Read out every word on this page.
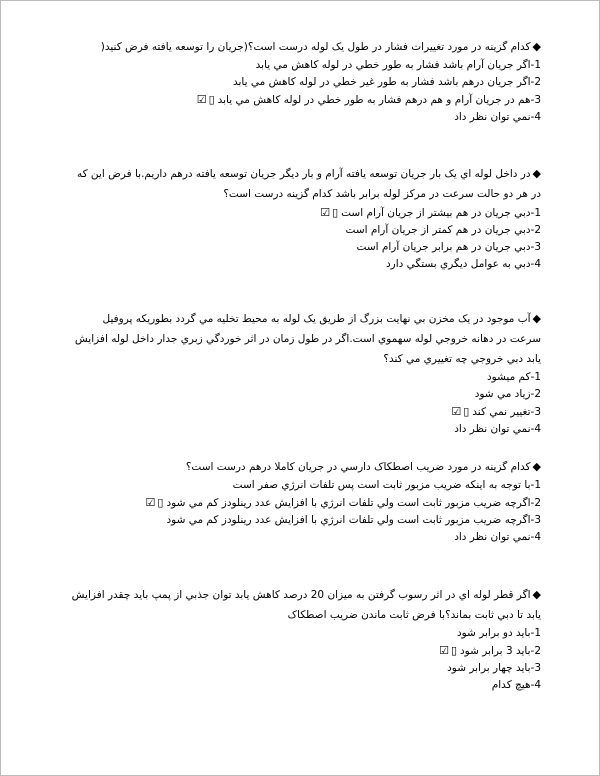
◆كدام گزينه در مورد تغييرات فشار در طول يک لوله درست است؟(جريان را توسعه يافته فرض کنيد(

1-اگر جريان آرام باشد فشار به طور خطي در لوله کاهش مي يابد

2-اگر جريان درهم باشد فشار به طور غير خطي در لوله کاهش مي يابد

3-هم در جريان آرام و هم درهم فشار به طور خطي در لوله کاهش مي يابد▯☑

4-نمي توان نظر داد

◆در داخل لوله اي يک بار جريان توسعه يافته آرام و بار ديگر جريان توسعه يافته درهم داريم.با فرض اين که در هر دو حالت سرعت در مرکز لوله برابر باشد کدام گزينه درست است؟

1-دبي جريان در هم بيشتر از جريان آرام است▯☑

2-دبي جريان در هم کمتر از جريان آرام است

3-دبي جريان در هم برابر جريان آرام است

4-دبي به عوامل ديگري بستگي دارد

◆آب موجود در يک مخزن بي نهايت بزرگ از طريق يک لوله به محيط تخليه مي گردد بطوريکه پروفيل سرعت در دهانه خروجي لوله سهموي است.اگر در طول زمان در اثر خوردگي زبري جدار داخل لوله افزايش يابد دبي خروجي چه تغييري مي کند؟

1-کم ميشود

2-زياد مي شود

3-تغيير نمي کند▯☑

4-نمي توان نظر داد

◆کدام گزينه در مورد ضريب اصطکاک دارسي در جريان کاملا درهم درست است؟

1-با توجه به اينکه ضريب مزبور ثابت است پس تلفات انرژي صفر است

2-اگرچه ضريب مزبور ثابت است ولي تلفات انرژي با افزايش عدد رينلودز کم مي شود▯☑

3-اگرچه ضريب مزبور ثابت است ولي تلفات انرژي با افزايش عدد رينلودز کم مي شود

4-نمي توان نظر داد

◆اگر قطر لوله اي در اثر رسوب گرفتن به ميزان 20 درصد کاهش يابد توان جذبي از پمپ بايد چقدر افزايش يابد تا دبي ثابت بماند؟با فرض ثابت ماندن ضريب اصطکاک

1-بايد دو برابر شود

2-بايد 3 برابر شود▯☑

3-بايد چهار برابر شود

4-هيچ کدام
